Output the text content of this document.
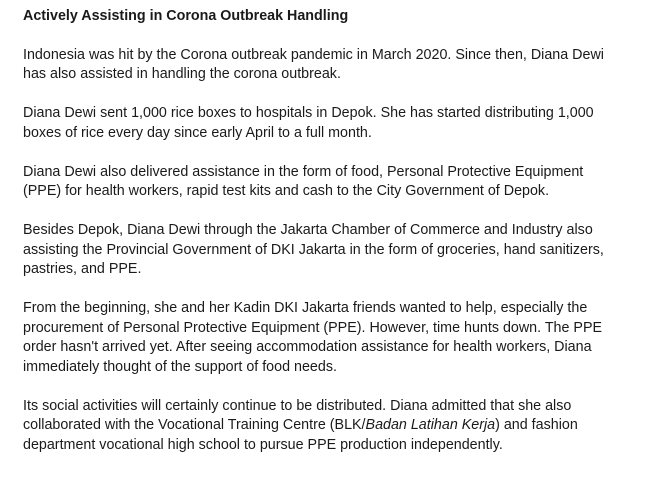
Actively Assisting in Corona Outbreak Handling
Indonesia was hit by the Corona outbreak pandemic in March 2020. Since then, Diana Dewi
has also assisted in handling the corona outbreak.
Diana Dewi sent 1,000 rice boxes to hospitals in Depok. She has started distributing 1,000
boxes of rice every day since early April to a full month.
Diana Dewi also delivered assistance in the form of food, Personal Protective Equipment
(PPE) for health workers, rapid test kits and cash to the City Government of Depok.
Besides Depok, Diana Dewi through the Jakarta Chamber of Commerce and Industry also
assisting the Provincial Government of DKI Jakarta in the form of groceries, hand sanitizers,
pastries, and PPE.
From the beginning, she and her Kadin DKI Jakarta friends wanted to help, especially the
procurement of Personal Protective Equipment (PPE). However, time hunts down. The PPE
order hasn't arrived yet. After seeing accommodation assistance for health workers, Diana
immediately thought of the support of food needs.
Its social activities will certainly continue to be distributed. Diana admitted that she also
collaborated with the Vocational Training Centre (BLK/Badan Latihan Kerja) and fashion
department vocational high school to pursue PPE production independently.
